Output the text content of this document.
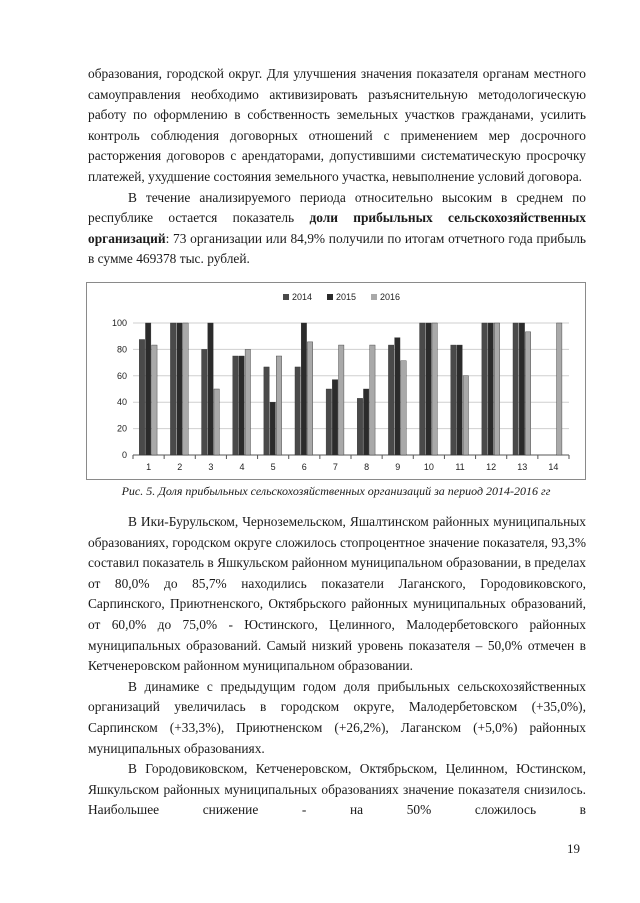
образования, городской округ. Для улучшения значения показателя органам местного самоуправления необходимо активизировать разъяснительную методологическую работу по оформлению в собственность земельных участков гражданами, усилить контроль соблюдения договорных отношений с применением мер досрочного расторжения договоров с арендаторами, допустившими систематическую просрочку платежей, ухудшение состояния земельного участка, невыполнение условий договора.

В течение анализируемого периода относительно высоким в среднем по республике остается показатель доли прибыльных сельскохозяйственных организаций: 73 организации или 84,9% получили по итогам отчетного года прибыль в сумме 469378 тыс. рублей.

0
20
40
60
80
100
1	2	3	4	5	6	7	8	9	10 11 12 13 14
2014	2015	2016
Рис. 5. Доля прибыльных сельскохозяйственных организаций за период 2014-2016 гг

В Ики-Бурульском, Черноземельском, Яшалтинском районных муниципальных образованиях, городском округе сложилось стопроцентное значение показателя, 93,3% составил показатель в Яшкульском районном муниципальном образовании, в пределах от 80,0% до 85,7% находились показатели Лаганского, Городовиковского, Сарпинского, Приютненского, Октябрьского районных муниципальных образований, от 60,0% до 75,0% - Юстинского, Целинного, Малодербетовского районных муниципальных образований. Самый низкий уровень показателя – 50,0% отмечен в Кетченеровском районном муниципальном образовании.

В динамике с предыдущим годом доля прибыльных сельскохозяйственных организаций увеличилась в городском округе, Малодербетовском (+35,0%), Сарпинском (+33,3%), Приютненском (+26,2%), Лаганском (+5,0%) районных муниципальных образованиях.

В Городовиковском, Кетченеровском, Октябрьском, Целинном, Юстинском, Яшкульском районных муниципальных образованиях значение показателя снизилось. Наибольшее снижение - на 50% сложилось в

19
